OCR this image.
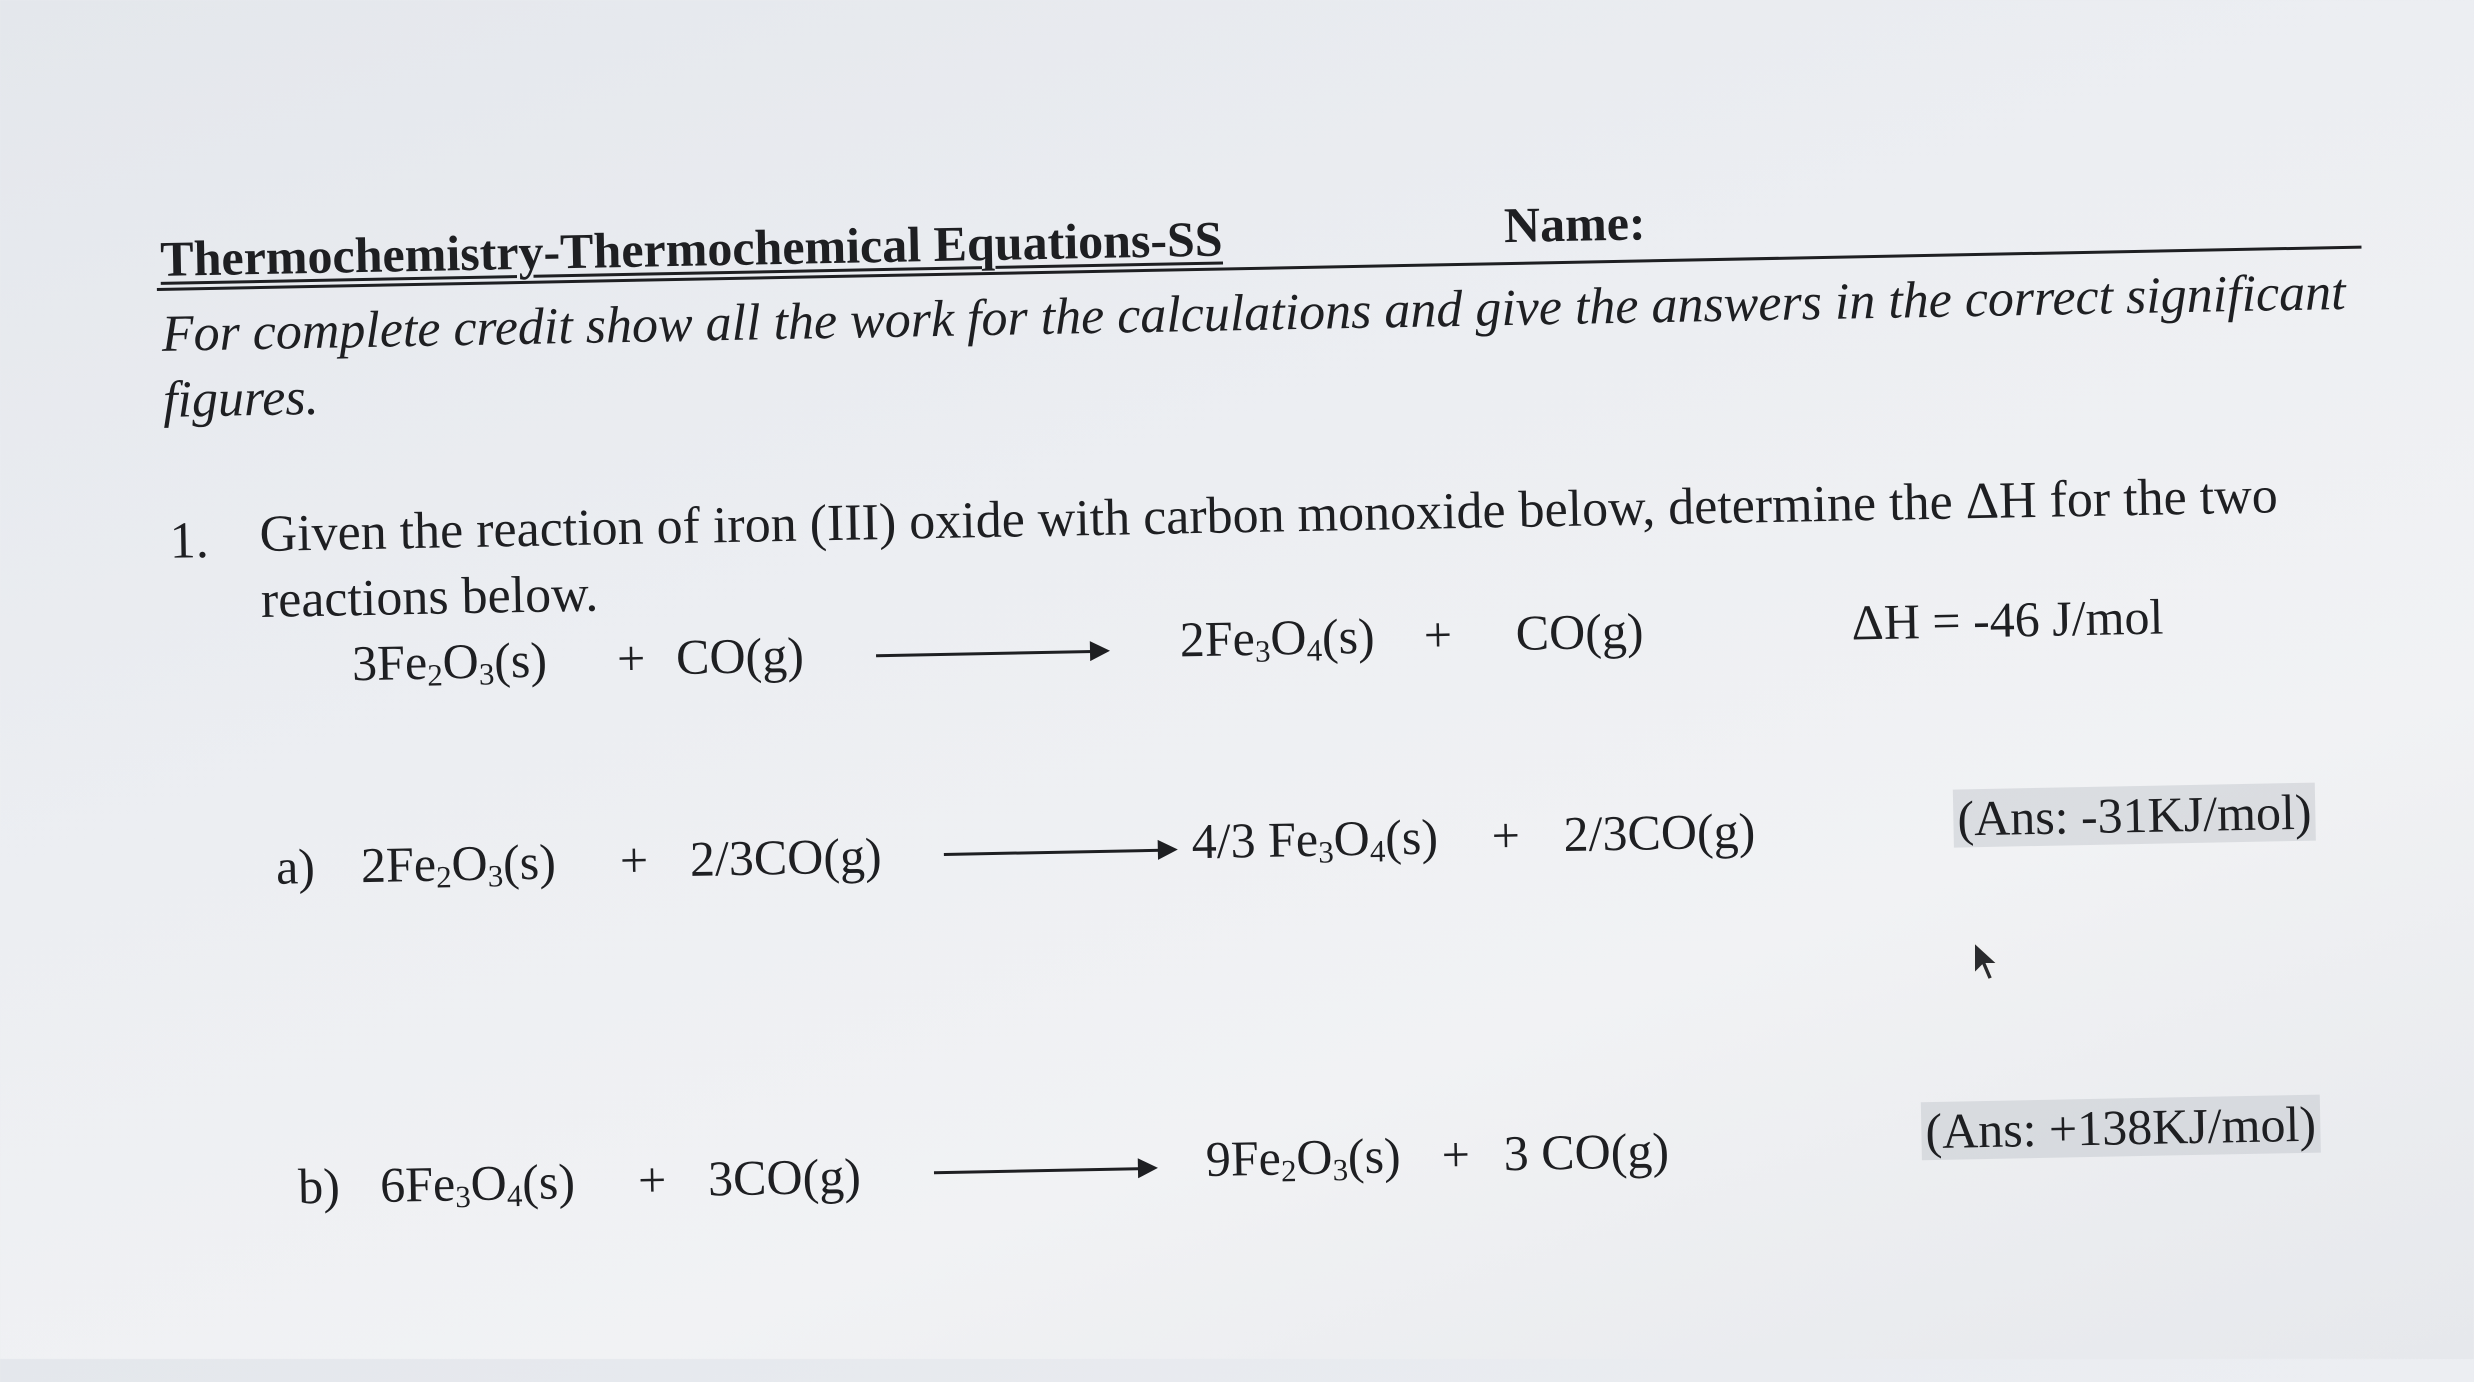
Thermochemistry-Thermochemical Equations-SS	Name:
For complete credit show all the work for the calculations and give the answers in the correct significant figures.
1. Given the reaction of iron (III) oxide with carbon monoxide below, determine the ΔH for the two reactions below.
$3Fe_2O_3(s) + CO(g)$	$2Fe_3O_4(s) + CO(g)$	ΔH = -46 J/mol
a) $2Fe_2O_3(s) + 2/3CO(g)$	4/3 $Fe_3O_4(s) + 2/3CO(g)$	(Ans: -31KJ/mol)
b) $6Fe_3O_4(s) + 3CO(g)$	$9Fe_2O_3(s) + 3$ CO(g)	(Ans: +138KJ/mol)
